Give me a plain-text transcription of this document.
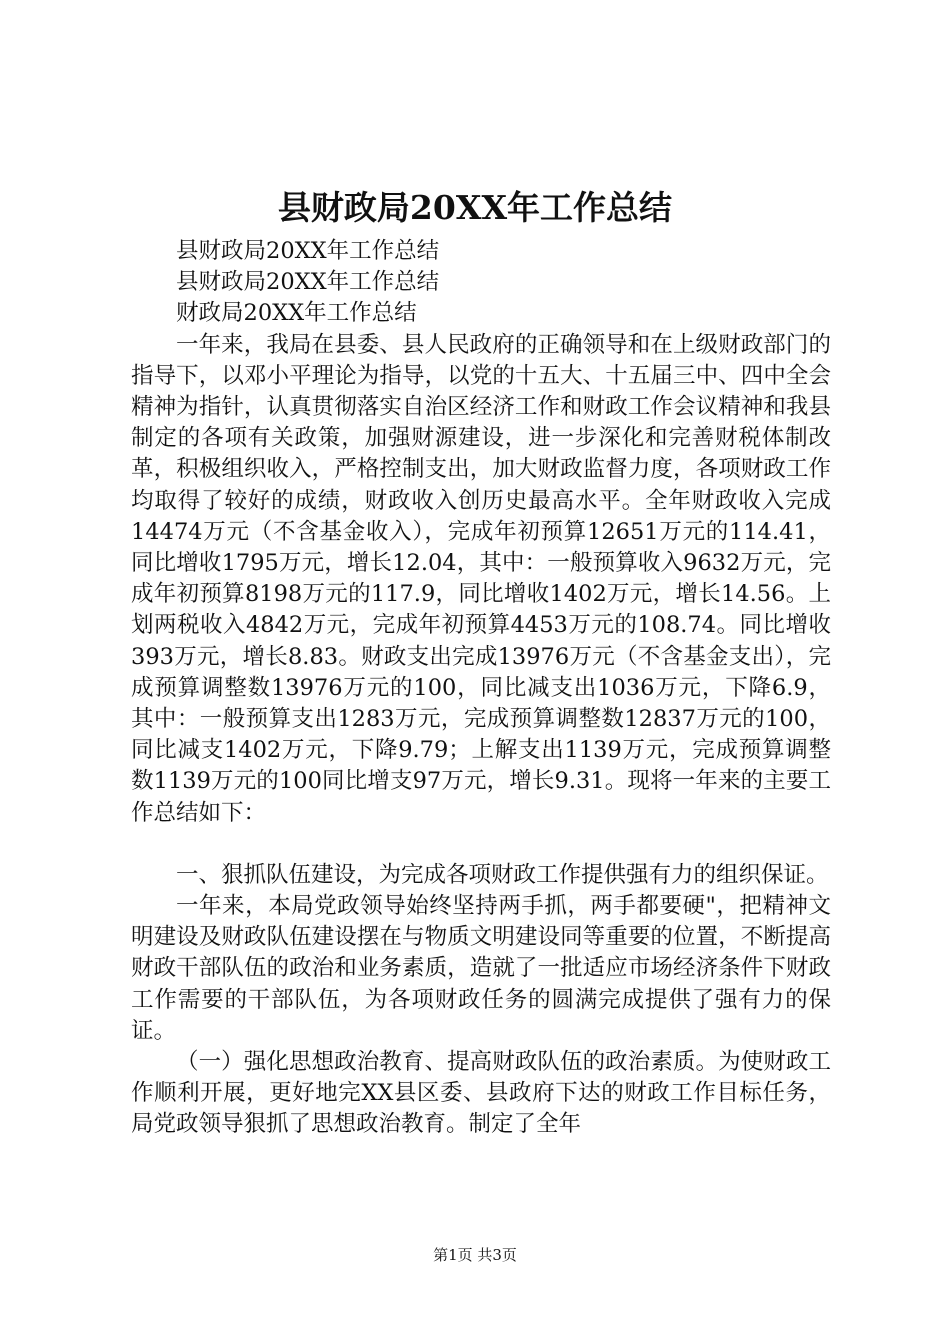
县财政局20XX年工作总结

县财政局20XX年工作总结

县财政局20XX年工作总结

财政局20XX年工作总结

一年来，我局在县委、县人民政府的正确领导和在上级财政部门的指导下，以邓小平理论为指导，以党的十五大、十五届三中、四中全会精神为指针，认真贯彻落实自治区经济工作和财政工作会议精神和我县制定的各项有关政策，加强财源建设，进一步深化和完善财税体制改革，积极组织收入，严格控制支出，加大财政监督力度，各项财政工作均取得了较好的成绩，财政收入创历史最高水平。全年财政收入完成14474万元（不含基金收入），完成年初预算12651万元的114.41，同比增收1795万元，增长12.04，其中：一般预算收入9632万元，完成年初预算8198万元的117.9，同比增收1402万元，增长14.56。上划两税收入4842万元，完成年初预算4453万元的108.74。同比增收393万元，增长8.83。财政支出完成13976万元（不含基金支出），完成预算调整数13976万元的100，同比减支出1036万元，下降6.9，其中：一般预算支出1283万元，完成预算调整数12837万元的100，同比减支1402万元，下降9.79；上解支出1139万元，完成预算调整数1139万元的100同比增支97万元，增长9.31。现将一年来的主要工作总结如下：

一、狠抓队伍建设，为完成各项财政工作提供强有力的组织保证。

一年来，本局党政领导始终坚持两手抓，两手都要硬"，把精神文明建设及财政队伍建设摆在与物质文明建设同等重要的位置，不断提高财政干部队伍的政治和业务素质，造就了一批适应市场经济条件下财政工作需要的干部队伍，为各项财政任务的圆满完成提供了强有力的保证。

（一）强化思想政治教育、提高财政队伍的政治素质。为使财政工作顺利开展，更好地完XX县区委、县政府下达的财政工作目标任务，局党政领导狠抓了思想政治教育。制定了全年

第1页 共3页
